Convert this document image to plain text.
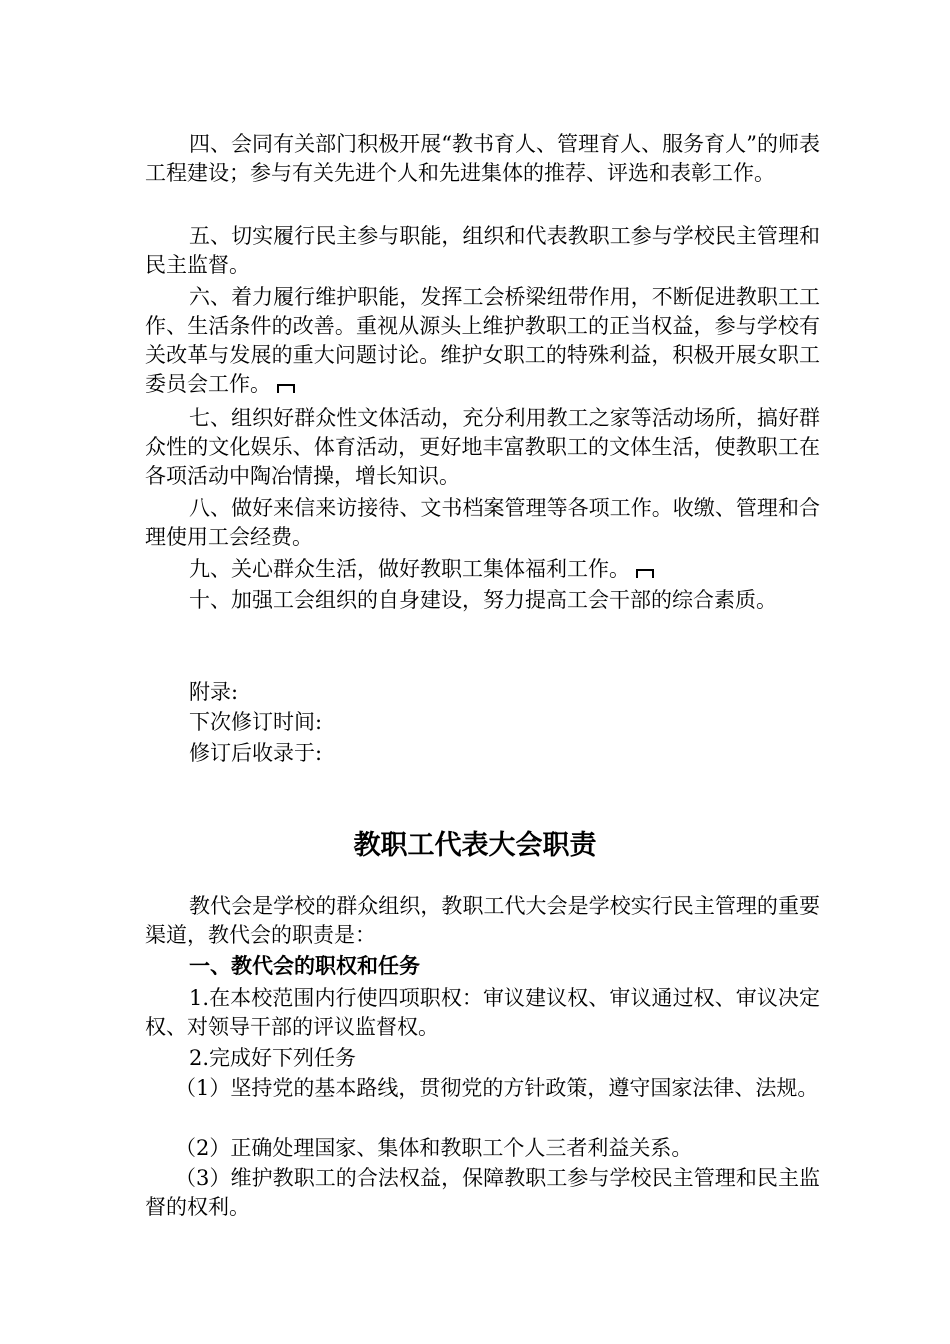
四、会同有关部门积极开展“教书育人、管理育人、服务育人”的师表工程建设；参与有关先进个人和先进集体的推荐、评选和表彰工作。

五、切实履行民主参与职能，组织和代表教职工参与学校民主管理和民主监督。

六、着力履行维护职能，发挥工会桥梁纽带作用，不断促进教职工工作、生活条件的改善。重视从源头上维护教职工的正当权益，参与学校有关改革与发展的重大问题讨论。维护女职工的特殊利益，积极开展女职工委员会工作。

七、组织好群众性文体活动，充分利用教工之家等活动场所，搞好群众性的文化娱乐、体育活动，更好地丰富教职工的文体生活，使教职工在各项活动中陶冶情操，增长知识。

八、做好来信来访接待、文书档案管理等各项工作。收缴、管理和合理使用工会经费。

九、关心群众生活，做好教职工集体福利工作。

十、加强工会组织的自身建设，努力提高工会干部的综合素质。

附录:

下次修订时间:

修订后收录于:

教职工代表大会职责

教代会是学校的群众组织，教职工代大会是学校实行民主管理的重要渠道，教代会的职责是：

一、教代会的职权和任务

1.在本校范围内行使四项职权：审议建议权、审议通过权、审议决定权、对领导干部的评议监督权。

2.完成好下列任务

（1）坚持党的基本路线，贯彻党的方针政策，遵守国家法律、法规。

（2）正确处理国家、集体和教职工个人三者利益关系。

（3）维护教职工的合法权益，保障教职工参与学校民主管理和民主监督的权利。
